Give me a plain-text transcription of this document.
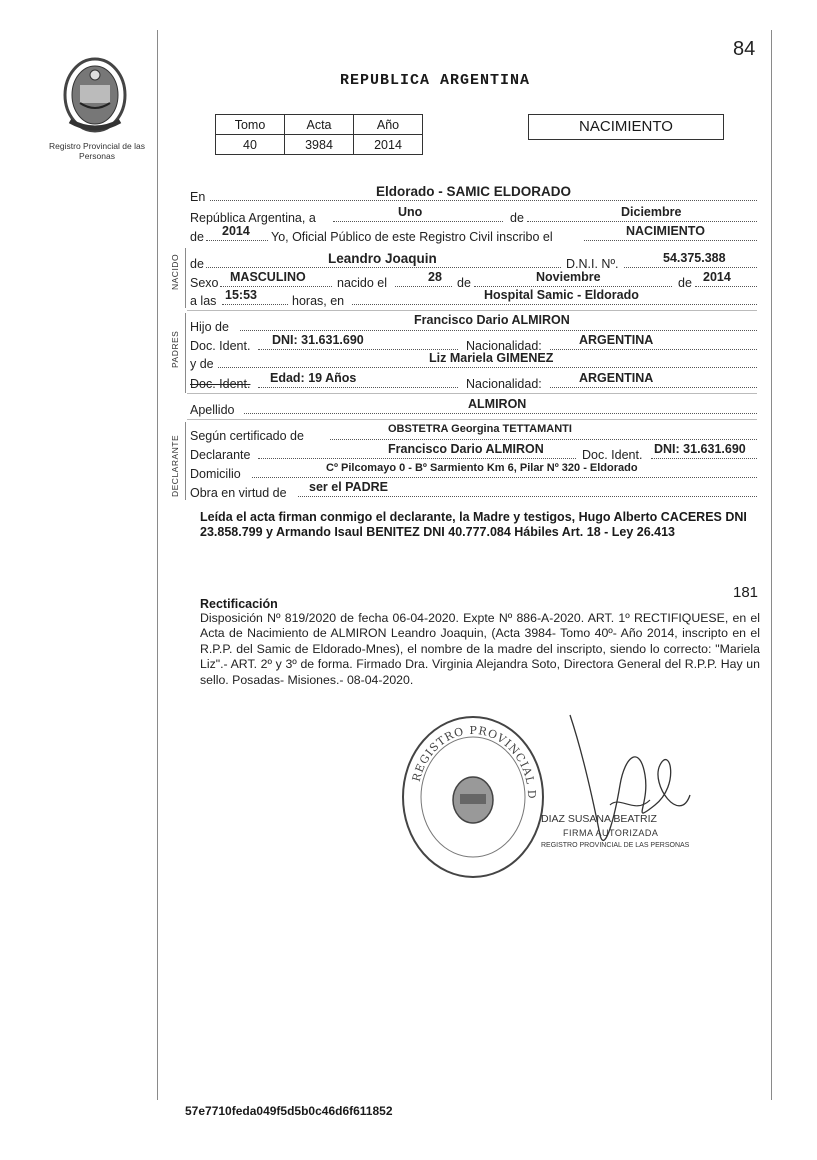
84
Registro Provincial de las Personas
REPUBLICA ARGENTINA
Tomo	Acta	Año
40	3984	2014
NACIMIENTO
En	Eldorado - SAMIC ELDORADO
República Argentina, a	Uno	de	Diciembre
de 2014 Yo, Oficial Público de este Registro Civil inscribo el	NACIMIENTO
de	Leandro Joaquin	D.N.I. Nº.	54.375.388
Sexo MASCULINO	nacido el	28 de	Noviembre	de 2014
a las 15:53	horas, en	Hospital Samic - Eldorado
Hijo de	Francisco Dario ALMIRON
Doc. Ident. DNI: 31.631.690	Nacionalidad:	ARGENTINA
y de	Liz Mariela GIMENEZ
Doc. Ident. Edad: 19 Años	Nacionalidad:	ARGENTINA
Apellido	ALMIRON
Según certificado de	OBSTETRA Georgina TETTAMANTI
Declarante	Francisco Dario ALMIRON	Doc. Ident. DNI: 31.631.690
Domicilio	Cº Pilcomayo 0 - Bº Sarmiento Km 6, Pilar Nº 320 - Eldorado
Obra en virtud de ser el PADRE
NACIDO
PADRES
DECLARANTE
Leída el acta firman conmigo el declarante, la Madre y testigos, Hugo Alberto CACERES DNI 23.858.799 y Armando Isaul BENITEZ DNI 40.777.084 Hábiles Art. 18 - Ley 26.413
181
Rectificación
Disposición Nº 819/2020 de fecha 06-04-2020. Expte Nº 886-A-2020. ART. 1º RECTIFIQUESE, en el Acta de Nacimiento de ALMIRON Leandro Joaquin, (Acta 3984- Tomo 40º- Año 2014, inscripto en el R.P.P. del Samic de Eldorado-Mnes), el nombre de la madre del inscripto, siendo lo correcto: "Mariela Liz".- ART. 2º y 3º de forma. Firmado Dra. Virginia Alejandra Soto, Directora General del R.P.P. Hay un sello. Posadas- Misiones.- 08-04-2020.
REGISTRO PROVINCIAL D
DIAZ SUSANA BEATRIZ
FIRMA AUTORIZADA
REGISTRO PROVINCIAL DE LAS PERSONAS
57e7710feda049f5d5b0c46d6f611852
